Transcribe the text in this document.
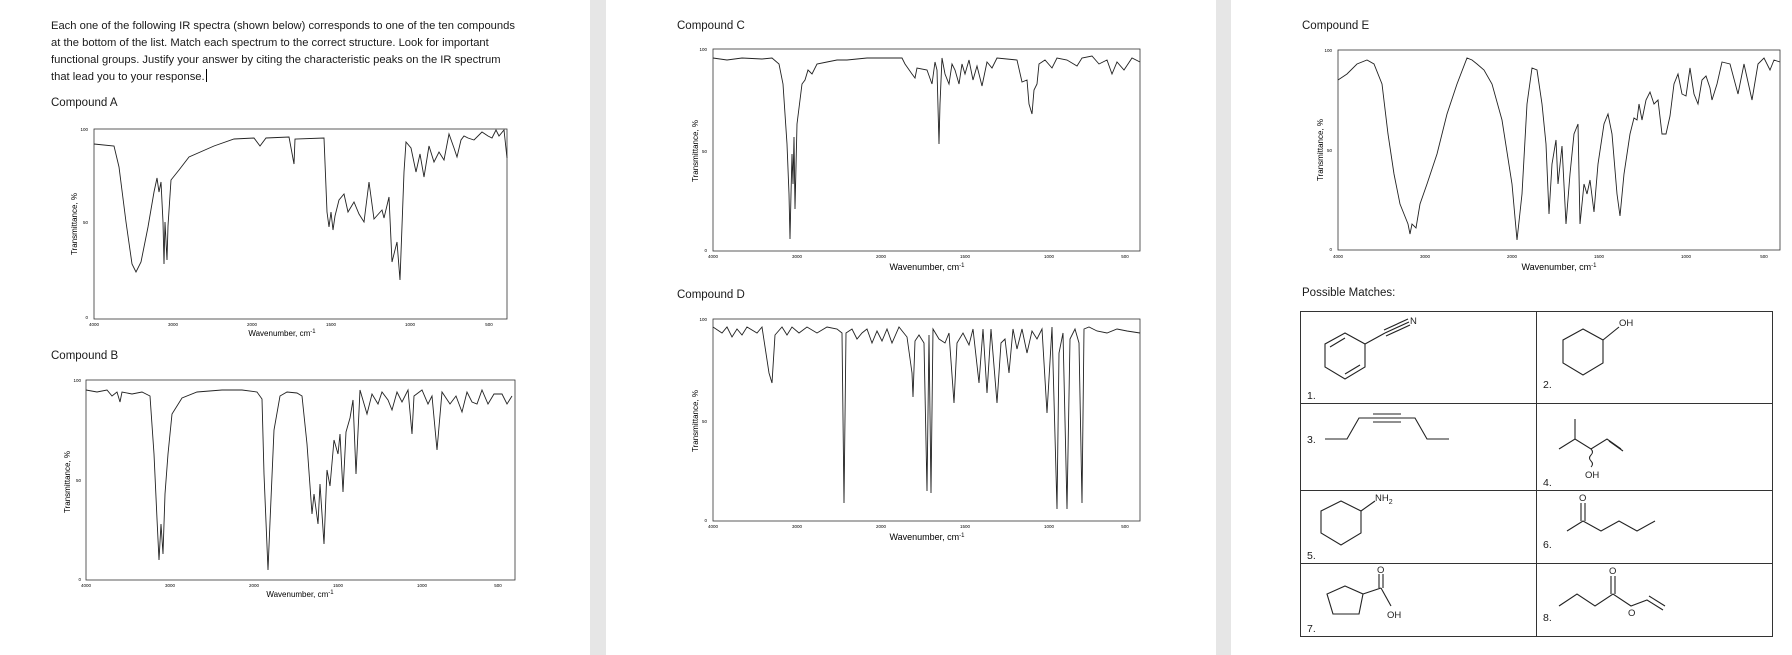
Each one of the following IR spectra (shown below) corresponds to one of the ten compounds at the bottom of the list. Match each spectrum to the correct structure. Look for important functional groups. Justify your answer by citing the characteristic peaks on the IR spectrum that lead you to your response.
Compound A
100
50
0
4000	3000	2000	1500	1000	500
Transmittance, %
Wavenumber, $cm^{-1}$
Compound B
100
50
0
4000	3000	2000	1500	1000	500
Transmittance, %
Wavenumber, $cm^{-1}$
Compound C
100
50
0
4000	3000	2000	1500	1000	500
Transmittance, %
Wavenumber, $cm^{-1}$
Compound D
100
50
0
4000	3000	2000	1500	1000	500
Transmittance, %
Wavenumber, $cm^{-1}$
Compound E
100
50
0
4000	3000	2000	1500	1000	500
Transmittance, %
Wavenumber, $cm^{-1}$
Possible Matches:
N
1.	OH
2.

3.	OH
4.

$NH_2$
5.	O
6.

O
OH
7.	O
O
8.
